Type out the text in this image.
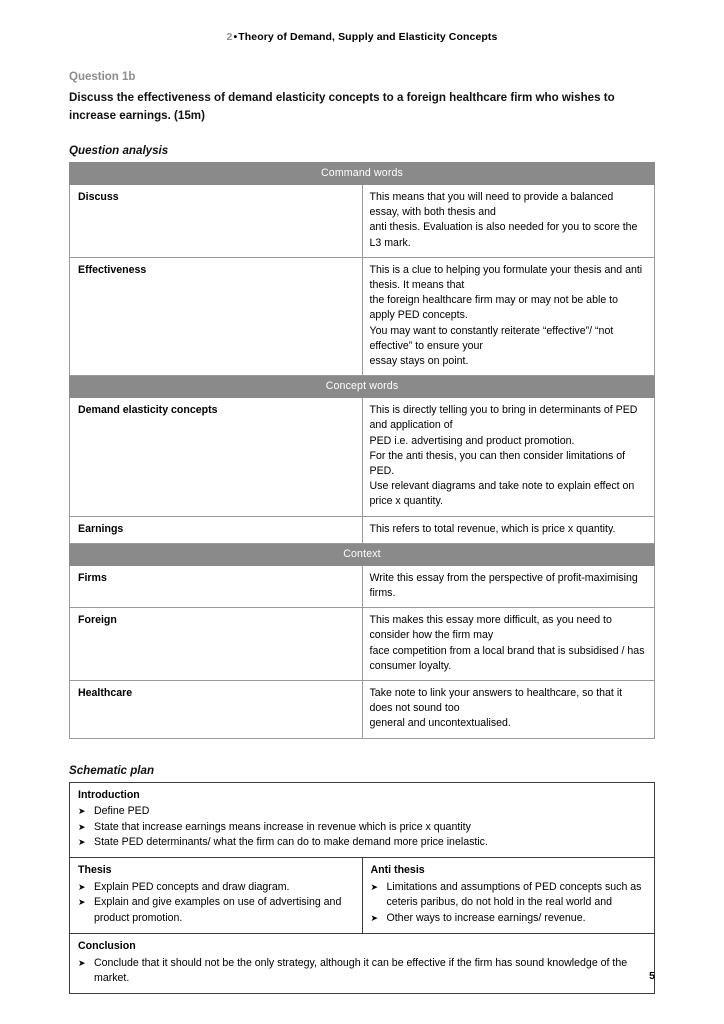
2•Theory of Demand, Supply and Elasticity Concepts
Question 1b
Discuss the effectiveness of demand elasticity concepts to a foreign healthcare firm who wishes to increase earnings. (15m)
Question analysis
Command words	
Discuss	This means that you will need to provide a balanced essay, with both thesis and
anti thesis. Evaluation is also needed for you to score the L3 mark.

Effectiveness	This is a clue to helping you formulate your thesis and anti thesis. It means that
the foreign healthcare firm may or may not be able to apply PED concepts.
You may want to constantly reiterate “effective”/ “not effective” to ensure your
essay stays on point.

Concept words	
Demand elasticity concepts	This is directly telling you to bring in determinants of PED and application of
PED i.e. advertising and product promotion.
For the anti thesis, you can then consider limitations of PED.
Use relevant diagrams and take note to explain effect on price x quantity.

Earnings	This refers to total revenue, which is price x quantity.

Context	
Firms	Write this essay from the perspective of profit-maximising firms.

Foreign	This makes this essay more difficult, as you need to consider how the firm may
face competition from a local brand that is subsidised / has consumer loyalty.

Healthcare	Take note to link your answers to healthcare, so that it does not sound too
general and uncontextualised.
Schematic plan
Introduction
➤ Define PED
➤ State that increase earnings means increase in revenue which is price x quantity
➤ State PED determinants/ what the firm can do to make demand more price inelastic.

Thesis
➤ Explain PED concepts and draw diagram.
➤ Explain and give examples on use of advertising and product promotion.

Anti thesis
➤ Limitations and assumptions of PED concepts such as ceteris paribus, do not hold in the real world and
➤ Other ways to increase earnings/ revenue.

Conclusion
➤ Conclude that it should not be the only strategy, although it can be effective if the firm has sound knowledge of the market.	5
